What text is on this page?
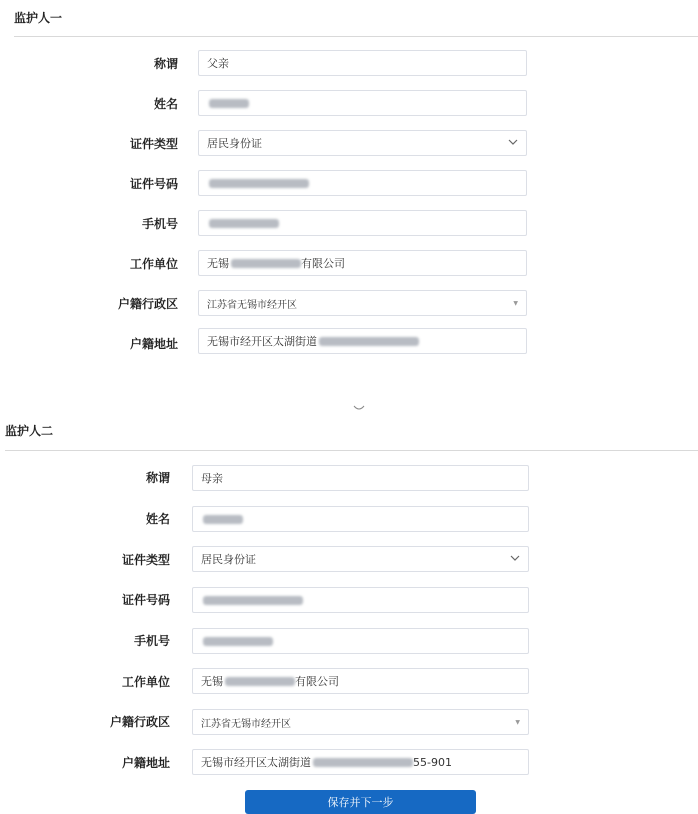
监护人一
称谓	父亲
姓名
证件类型	居民身份证
证件号码
手机号
工作单位	无锡	有限公司
户籍行政区	江苏省无锡市经开区	▼
户籍地址	无锡市经开区太湖街道
监护人二
称谓	母亲
姓名
证件类型	居民身份证
证件号码
手机号
工作单位	无锡	有限公司
户籍行政区	江苏省无锡市经开区	▼
户籍地址	无锡市经开区太湖街道	55-901
保存并下一步
